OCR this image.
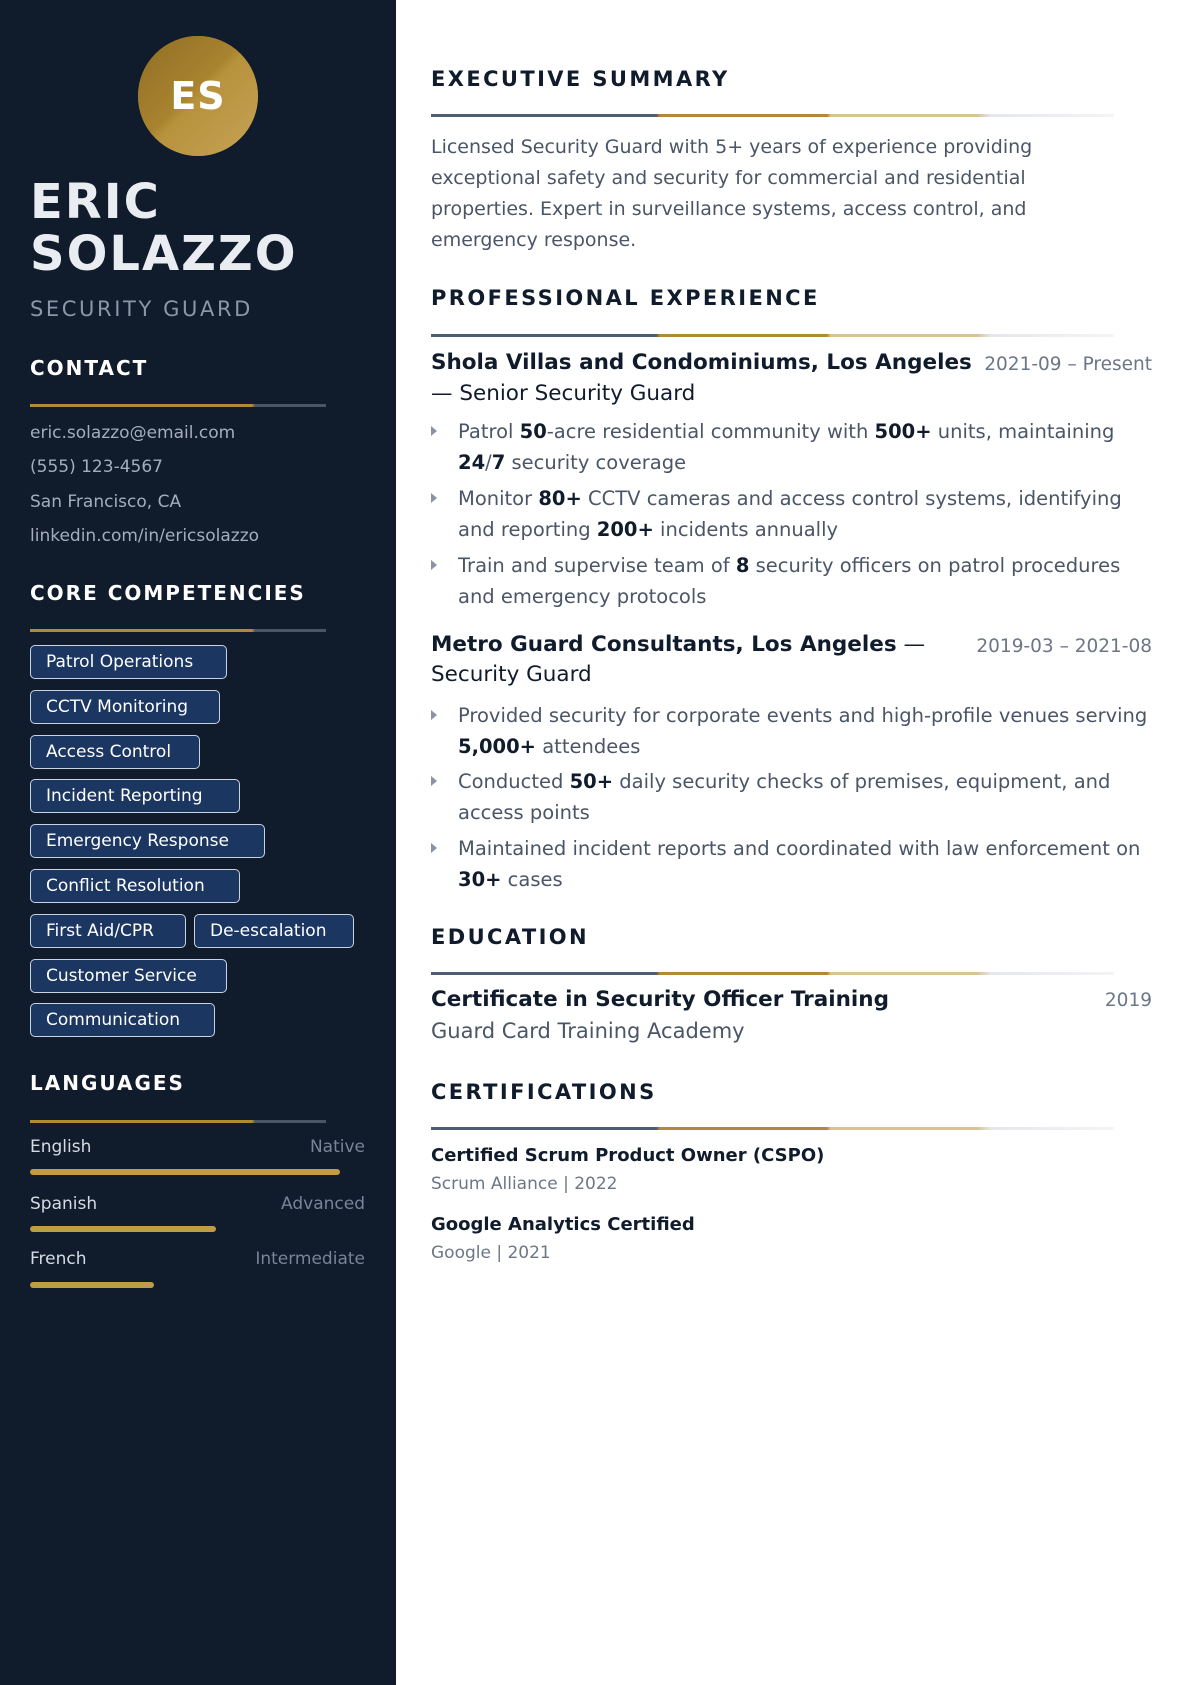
ES
ERIC
SOLAZZO
SECURITY GUARD
CONTACT
eric.solazzo@email.com
(555) 123-4567
San Francisco, CA
linkedin.com/in/ericsolazzo
CORE COMPETENCIES
Patrol Operations
CCTV Monitoring
Access Control
Incident Reporting
Emergency Response
Conflict Resolution
First Aid/CPR	De-escalation
Customer Service
Communication
LANGUAGES
English	Native
Spanish	Advanced
French	Intermediate
EXECUTIVE SUMMARY
Licensed Security Guard with 5+ years of experience providing exceptional safety and security for commercial and residential properties. Expert in surveillance systems, access control, and emergency response.
PROFESSIONAL EXPERIENCE
Shola Villas and Condominiums, Los Angeles 2021-09 – Present
— Senior Security Guard
Patrol 50-acre residential community with 500+ units, maintaining 24/7 security coverage
Monitor 80+ CCTV cameras and access control systems, identifying and reporting 200+ incidents annually
Train and supervise team of 8 security officers on patrol procedures and emergency protocols
Metro Guard Consultants, Los Angeles —	2019-03 – 2021-08
Security Guard
Provided security for corporate events and high-profile venues serving 5,000+ attendees
Conducted 50+ daily security checks of premises, equipment, and access points
Maintained incident reports and coordinated with law enforcement on 30+ cases
EDUCATION
Certificate in Security Officer Training	2019
Guard Card Training Academy
CERTIFICATIONS
Certified Scrum Product Owner (CSPO)
Scrum Alliance | 2022
Google Analytics Certified
Google | 2021
